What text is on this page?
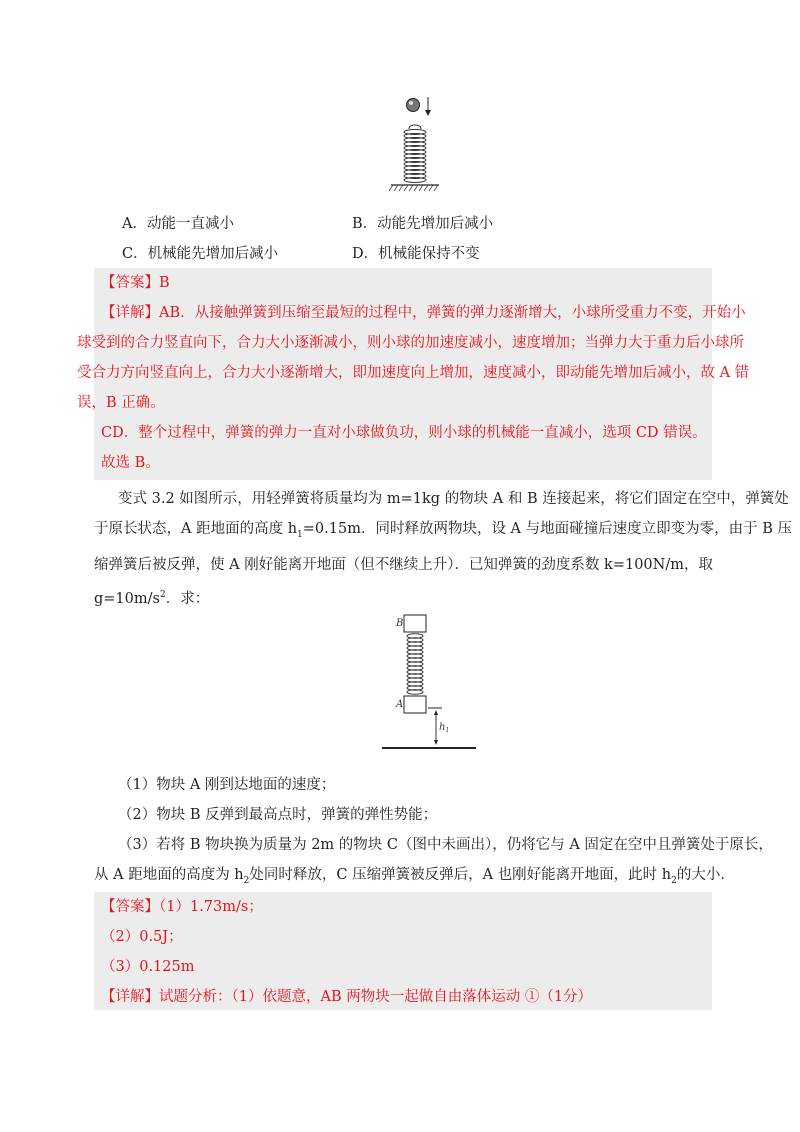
A．动能一直减小	B．动能先增加后减小
C．机械能先增加后减小	D．机械能保持不变
【答案】B
【详解】AB．从接触弹簧到压缩至最短的过程中，弹簧的弹力逐渐增大，小球所受重力不变，开始小
球受到的合力竖直向下，合力大小逐渐减小，则小球的加速度减小，速度增加；当弹力大于重力后小球所
受合力方向竖直向上，合力大小逐渐增大，即加速度向上增加，速度减小，即动能先增加后减小，故 A 错
误，B 正确。
CD．整个过程中，弹簧的弹力一直对小球做负功，则小球的机械能一直减小，选项 CD 错误。
故选 B。
变式 3.2 如图所示，用轻弹簧将质量均为 m=1kg 的物块 A 和 B 连接起来，将它们固定在空中，弹簧处
于原长状态，A 距地面的高度 $h_1=0.15m$．同时释放两物块，设 A 与地面碰撞后速度立即变为零，由于 B 压
缩弹簧后被反弹，使 A 刚好能离开地面（但不继续上升）．已知弹簧的劲度系数 k=100N/m，取
$g=10m/s^2$．求：
B
A
$h_1$
（1）物块 A 刚到达地面的速度；
（2）物块 B 反弹到最高点时，弹簧的弹性势能；
（3）若将 B 物块换为质量为 2m 的物块 C（图中未画出），仍将它与 A 固定在空中且弹簧处于原长，
从 A 距地面的高度为 $h_2$处同时释放，C 压缩弹簧被反弹后，A 也刚好能离开地面，此时 $h_2$的大小．
【答案】（1）1.73m/s；
（2）0.5J；
（3）0.125m
【详解】试题分析：（1）依题意，AB 两物块一起做自由落体运动 ①（1分）
